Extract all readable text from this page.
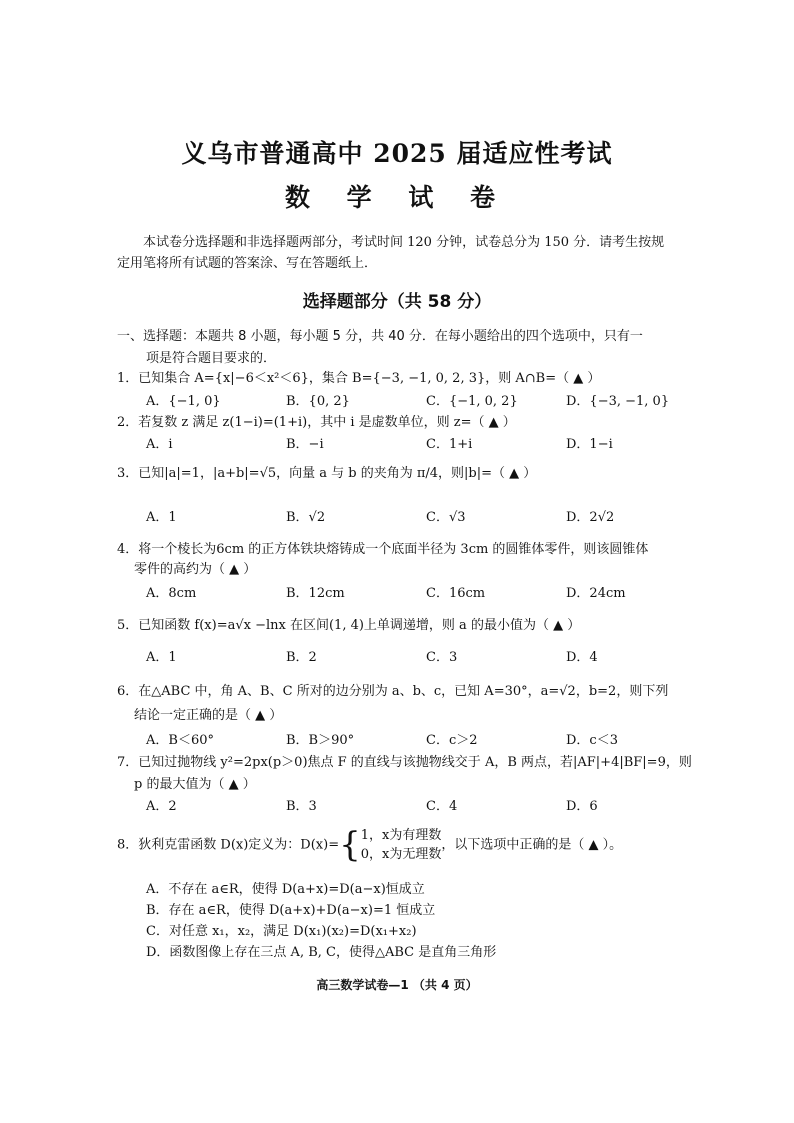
义乌市普通高中 2025 届适应性考试
数 学 试 卷
本试卷分选择题和非选择题两部分，考试时间 120 分钟，试卷总分为 150 分．请考生按规定用笔将所有试题的答案涂、写在答题纸上．
选择题部分（共 58 分）
一、选择题：本题共 8 小题，每小题 5 分，共 40 分．在每小题给出的四个选项中，只有一
项是符合题目要求的．
1．已知集合 A={x|−6＜x²＜6}，集合 B={−3, −1, 0, 2, 3}，则 A∩B=（ ▲ ）
A．{−1, 0}	B．{0, 2}	C．{−1, 0, 2}	D．{−3, −1, 0}
2．若复数 z 满足 z(1−i)=(1+i)，其中 i 是虚数单位，则 z=（ ▲ ）
A．i	B．−i	C．1+i	D．1−i
3．已知|a|=1，|a+b|=√5，向量 a 与 b 的夹角为 π/4，则|b|=（ ▲ ）
A．1	B．√2	C．√3	D．2√2
4．将一个棱长为6cm 的正方体铁块熔铸成一个底面半径为 3cm 的圆锥体零件，则该圆锥体
零件的高约为（ ▲ ）
A．8cm	B．12cm	C．16cm	D．24cm
5．已知函数 f(x)=a√x −lnx 在区间(1, 4)上单调递增，则 a 的最小值为（ ▲ ）
A．1	B．2	C．3	D．4
6．在△ABC 中，角 A、B、C 所对的边分别为 a、b、c，已知 A=30°，a=√2，b=2，则下列
结论一定正确的是（ ▲ ）
A．B＜60°	B．B＞90°	C．c＞2	D．c＜3
7．已知过抛物线 y²=2px(p＞0)焦点 F 的直线与该抛物线交于 A，B 两点，若|AF|+4|BF|=9，则
p 的最大值为（ ▲ ）
A．2	B．3	C．4	D．6
8．狄利克雷函数 D(x)定义为：D(x)={ 1，x为有理数
0，x为无理数
，以下选项中正确的是（ ▲ ）。
A．不存在 a∈R，使得 D(a+x)=D(a−x)恒成立
B．存在 a∈R，使得 D(a+x)+D(a−x)=1 恒成立
C．对任意 x₁，x₂，满足 D(x₁)(x₂)=D(x₁+x₂)
D．函数图像上存在三点 A, B, C，使得△ABC 是直角三角形
高三数学试卷—1 （共 4 页）
